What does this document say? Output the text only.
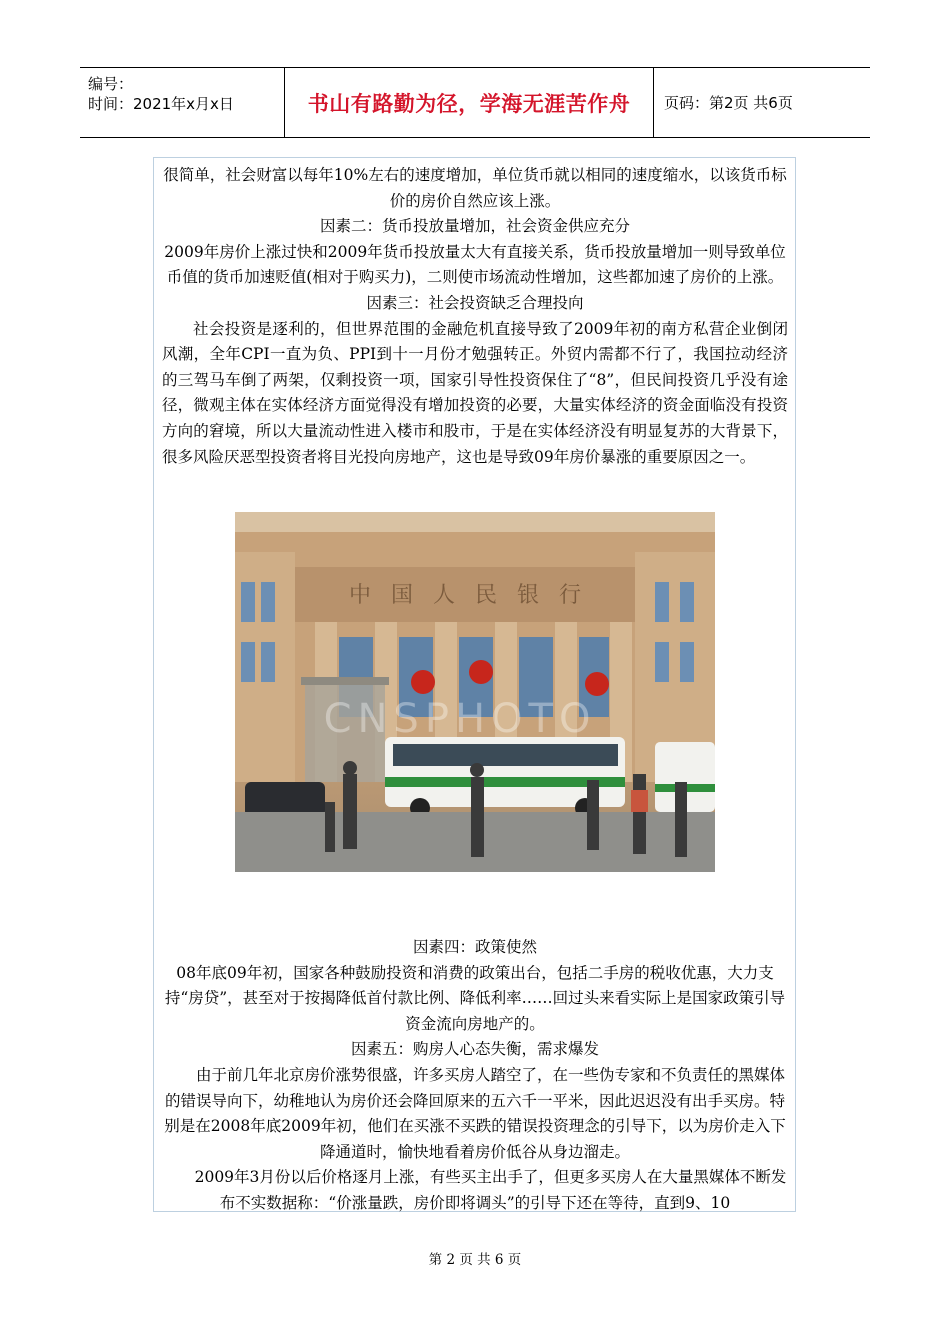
编号：
时间：2021年x月x日	书山有路勤为径，学海无涯苦作舟	页码：第2页 共6页

很简单，社会财富以每年10%左右的速度增加，单位货币就以相同的速度缩水，以该货币标价的房价自然应该上涨。

因素二：货币投放量增加，社会资金供应充分

2009年房价上涨过快和2009年货币投放量太大有直接关系，货币投放量增加一则导致单位币值的货币加速贬值(相对于购买力)，二则使市场流动性增加，这些都加速了房价的上涨。

因素三：社会投资缺乏合理投向

社会投资是逐利的，但世界范围的金融危机直接导致了2009年初的南方私营企业倒闭风潮，全年CPI一直为负、PPI到十一月份才勉强转正。外贸内需都不行了，我国拉动经济的三驾马车倒了两架，仅剩投资一项，国家引导性投资保住了“8”，但民间投资几乎没有途径，微观主体在实体经济方面觉得没有增加投资的必要，大量实体经济的资金面临没有投资方向的窘境，所以大量流动性进入楼市和股市，于是在实体经济没有明显复苏的大背景下，很多风险厌恶型投资者将目光投向房地产，这也是导致09年房价暴涨的重要原因之一。

中国人民银行
CNSPHOTO

因素四：政策使然

08年底09年初，国家各种鼓励投资和消费的政策出台，包括二手房的税收优惠，大力支持“房贷”，甚至对于按揭降低首付款比例、降低利率……回过头来看实际上是国家政策引导资金流向房地产的。

因素五：购房人心态失衡，需求爆发

由于前几年北京房价涨势很盛，许多买房人踏空了，在一些伪专家和不负责任的黑媒体的错误导向下，幼稚地认为房价还会降回原来的五六千一平米，因此迟迟没有出手买房。特别是在2008年底2009年初，他们在买涨不买跌的错误投资理念的引导下，以为房价走入下降通道时，愉快地看着房价低谷从身边溜走。

2009年3月份以后价格逐月上涨，有些买主出手了，但更多买房人在大量黑媒体不断发布不实数据称：“价涨量跌，房价即将调头”的引导下还在等待，直到9、10

第 2 页 共 6 页
